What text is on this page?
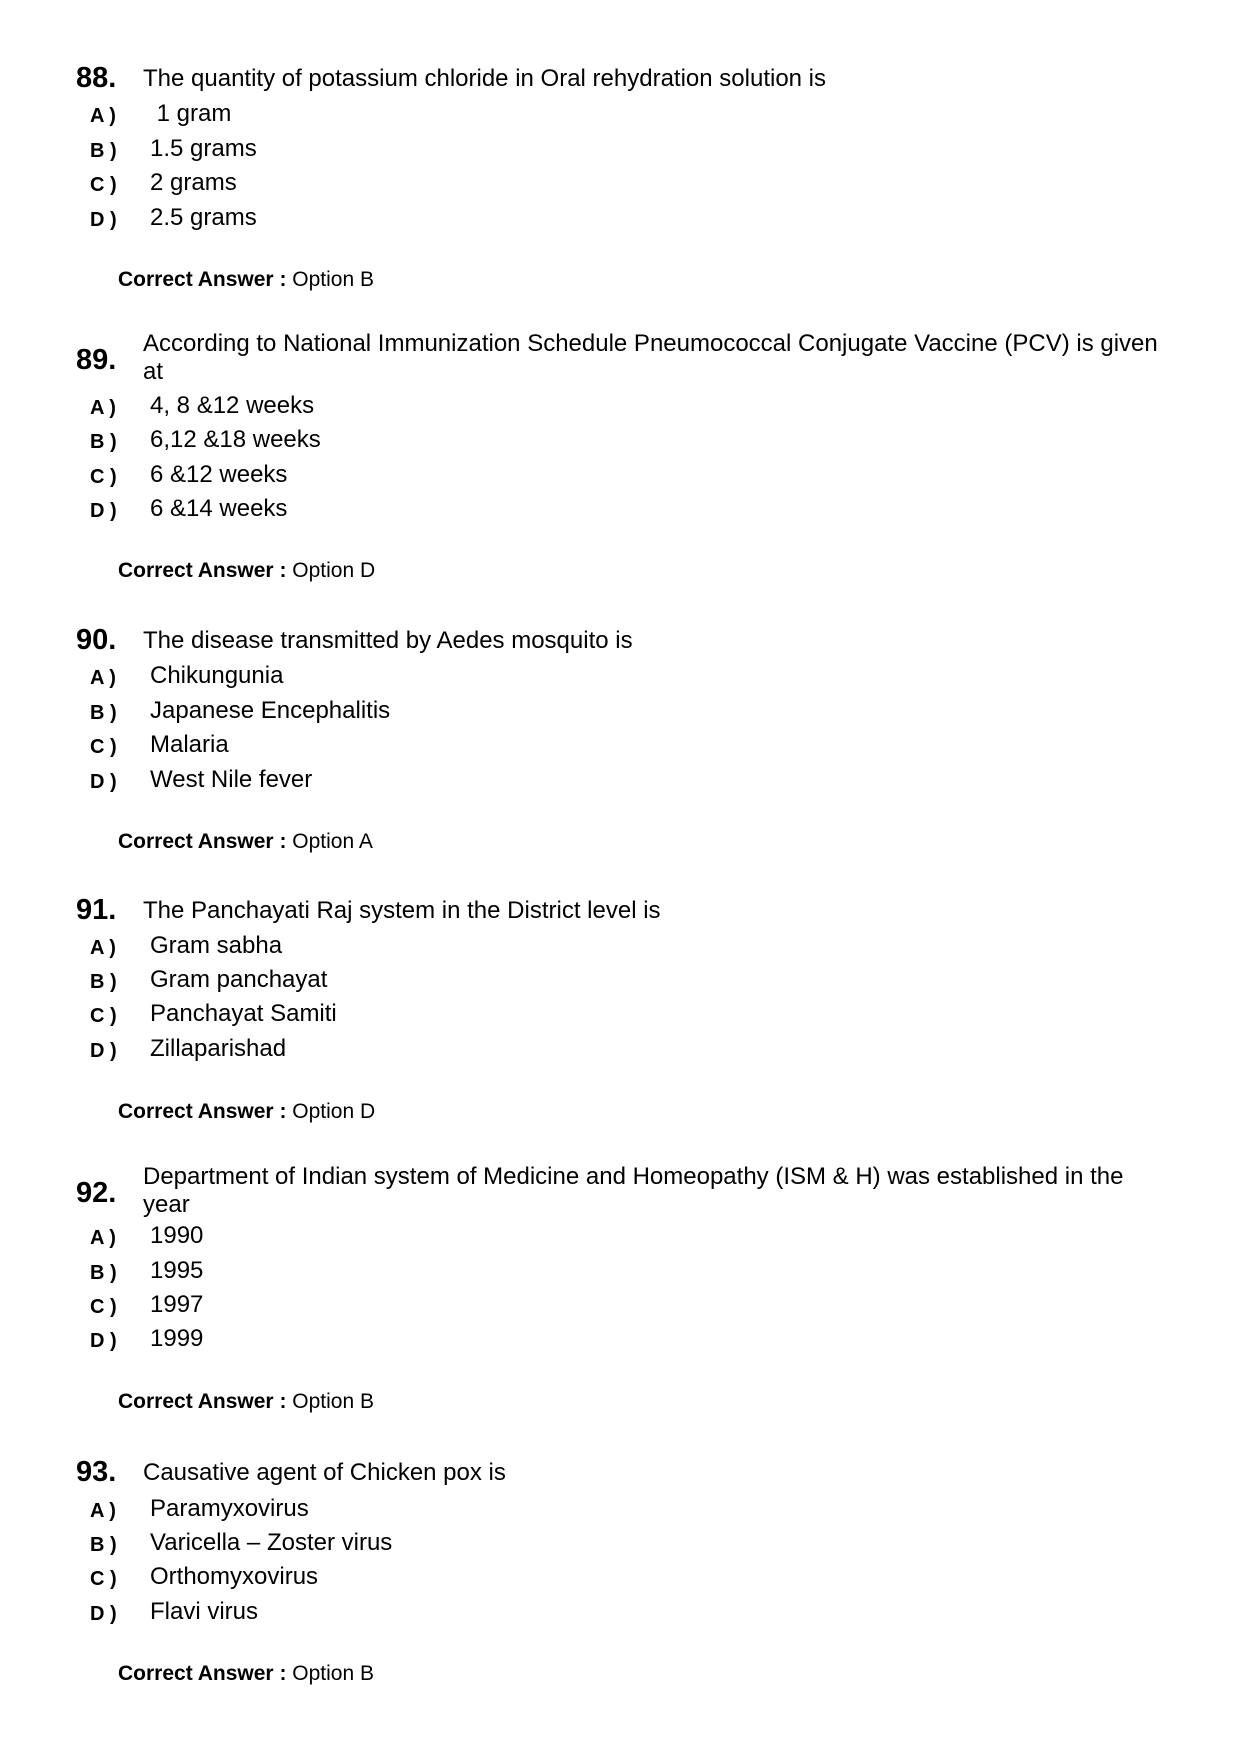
88. The quantity of potassium chloride in Oral rehydration solution is
A ) 1 gram
B ) 1.5 grams
C ) 2 grams
D ) 2.5 grams
Correct Answer : Option B
89.
According to National Immunization Schedule Pneumococcal Conjugate Vaccine (PCV) is given at
A ) 4, 8 &12 weeks
B ) 6,12 &18 weeks
C ) 6 &12 weeks
D ) 6 &14 weeks
Correct Answer : Option D
90. The disease transmitted by Aedes mosquito is
A ) Chikungunia
B ) Japanese Encephalitis
C ) Malaria
D ) West Nile fever
Correct Answer : Option A
91. The Panchayati Raj system in the District level is
A ) Gram sabha
B ) Gram panchayat
C ) Panchayat Samiti
D ) Zillaparishad
Correct Answer : Option D
92.
Department of Indian system of Medicine and Homeopathy (ISM & H) was established in the year
A ) 1990
B ) 1995
C ) 1997
D ) 1999
Correct Answer : Option B
93. Causative agent of Chicken pox is
A ) Paramyxovirus
B ) Varicella – Zoster virus
C ) Orthomyxovirus
D ) Flavi virus
Correct Answer : Option B
